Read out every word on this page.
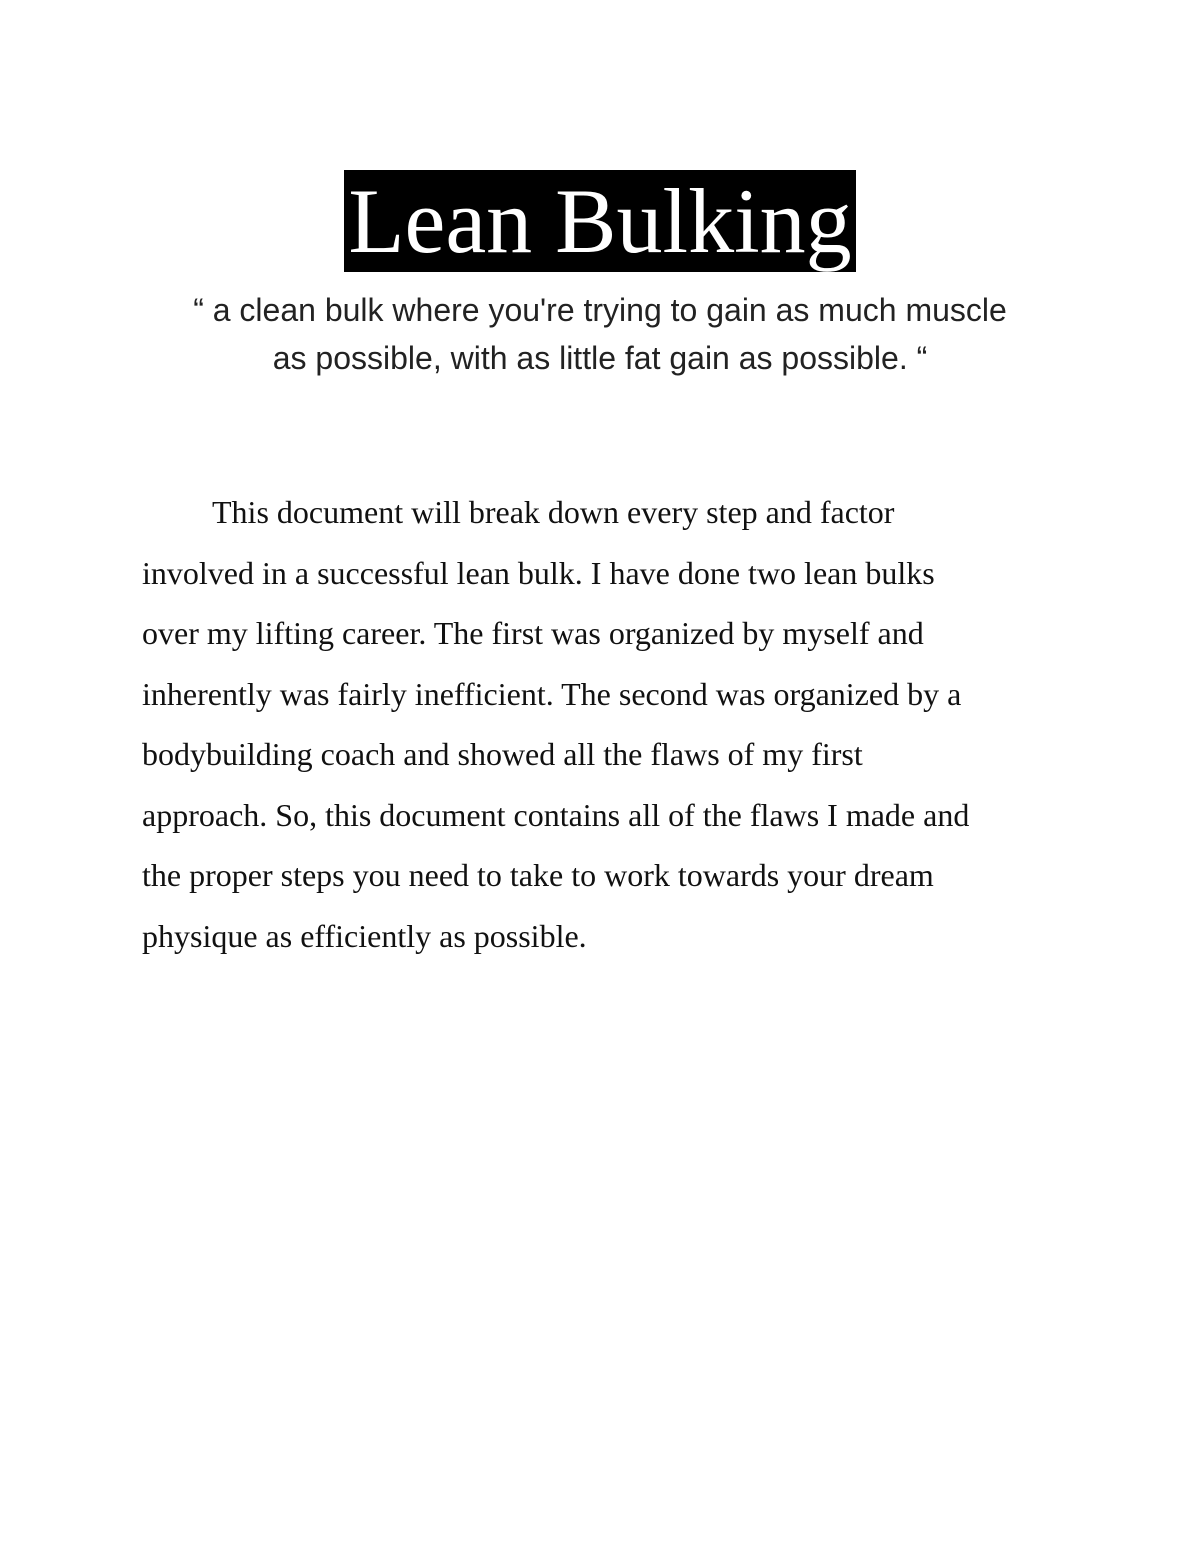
Lean Bulking
“ a clean bulk where you're trying to gain as much muscle
as possible, with as little fat gain as possible. “
This document will break down every step and factor
involved in a successful lean bulk. I have done two lean bulks
over my lifting career. The first was organized by myself and
inherently was fairly inefficient. The second was organized by a
bodybuilding coach and showed all the flaws of my first
approach. So, this document contains all of the flaws I made and
the proper steps you need to take to work towards your dream
physique as efficiently as possible.
